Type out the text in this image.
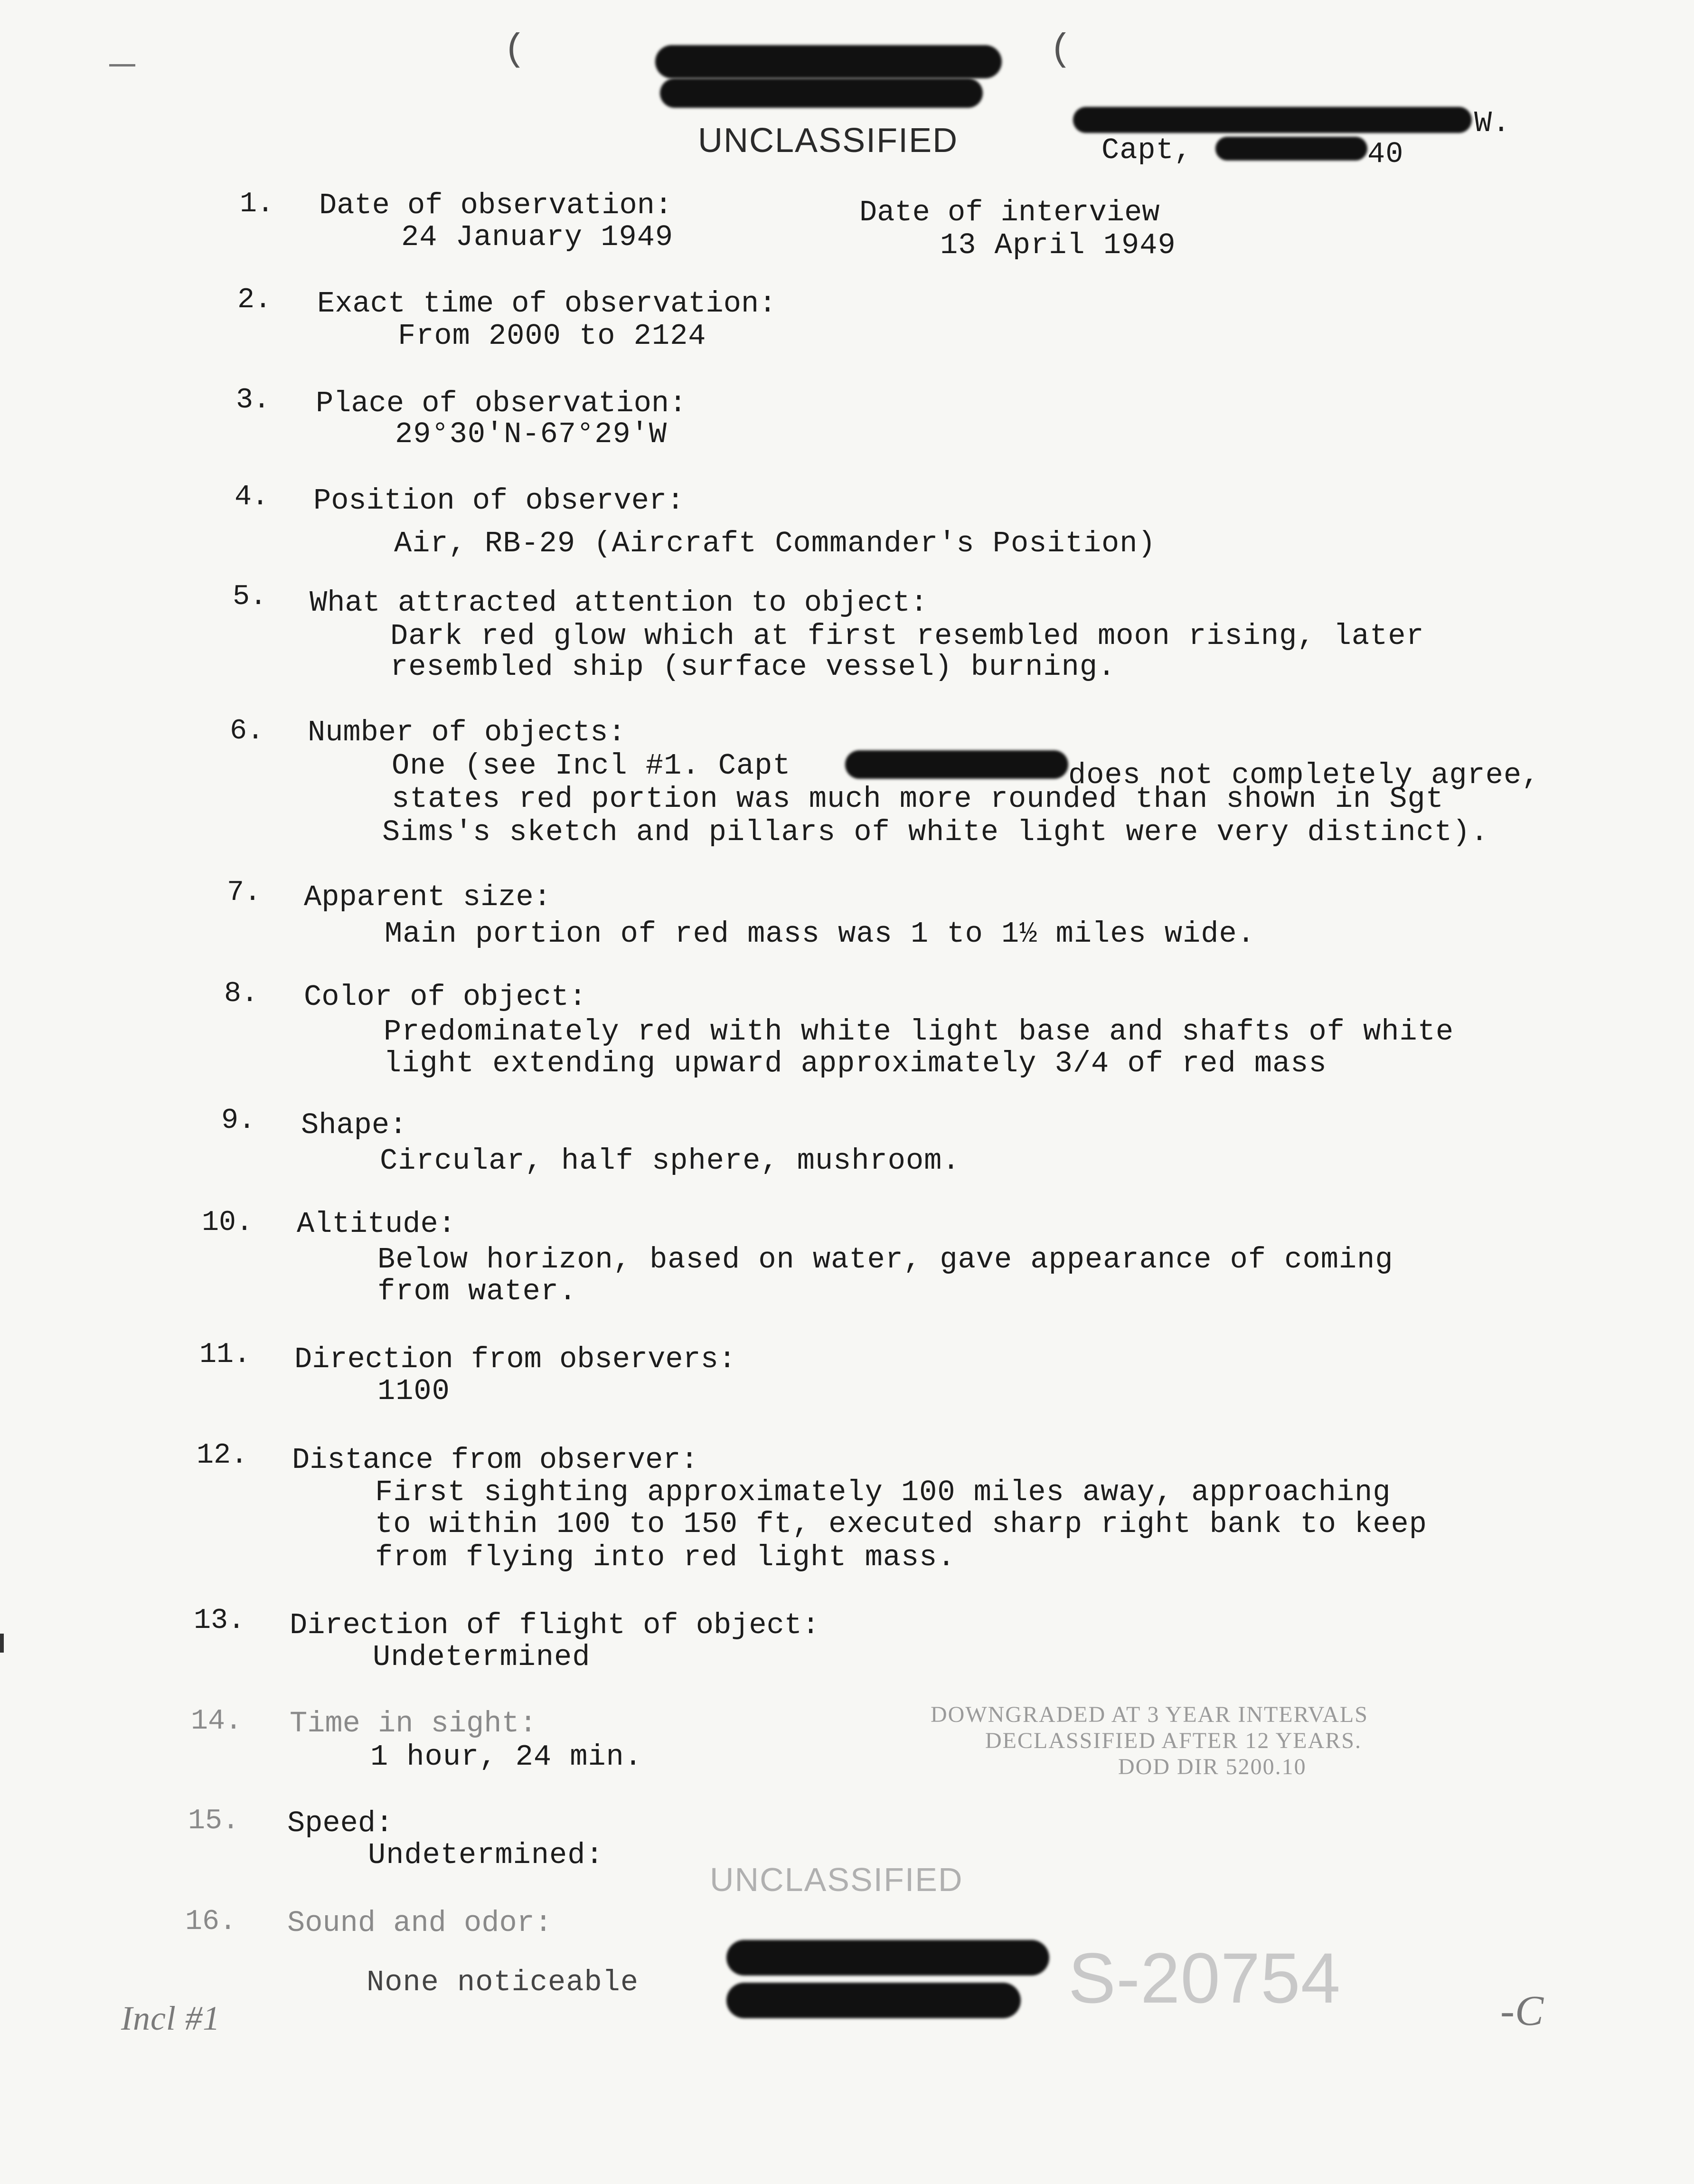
(	(
UNCLASSIFIED	W.
Capt,	40
1. Date of observation:
24 January 1949
Date of interview
13 April 1949
2. Exact time of observation:
From 2000 to 2124
3. Place of observation:
29°30'N-67°29'W
4. Position of observer:
Air, RB-29 (Aircraft Commander's Position)
5. What attracted attention to object:
Dark red glow which at first resembled moon rising, later
resembled ship (surface vessel) burning.
6. Number of objects:
One (see Incl #1. Capt	does not completely agree,
states red portion was much more rounded than shown in Sgt
Sims's sketch and pillars of white light were very distinct).
7. Apparent size:
Main portion of red mass was 1 to 1½ miles wide.
8. Color of object:
Predominately red with white light base and shafts of white
light extending upward approximately 3/4 of red mass
9. Shape:
Circular, half sphere, mushroom.
10. Altitude:
Below horizon, based on water, gave appearance of coming
from water.
11. Direction from observers:
1100
12. Distance from observer:
First sighting approximately 100 miles away, approaching
to within 100 to 150 ft, executed sharp right bank to keep
from flying into red light mass.
13. Direction of flight of object:
Undetermined
14. Time in sight:
1 hour, 24 min.
DOWNGRADED AT 3 YEAR INTERVALS
DECLASSIFIED AFTER 12 YEARS.
DOD DIR 5200.10
15. Speed:
Undetermined:
UNCLASSIFIED
16. Sound and odor:
None noticeable	S-20754	-C
Incl #1
